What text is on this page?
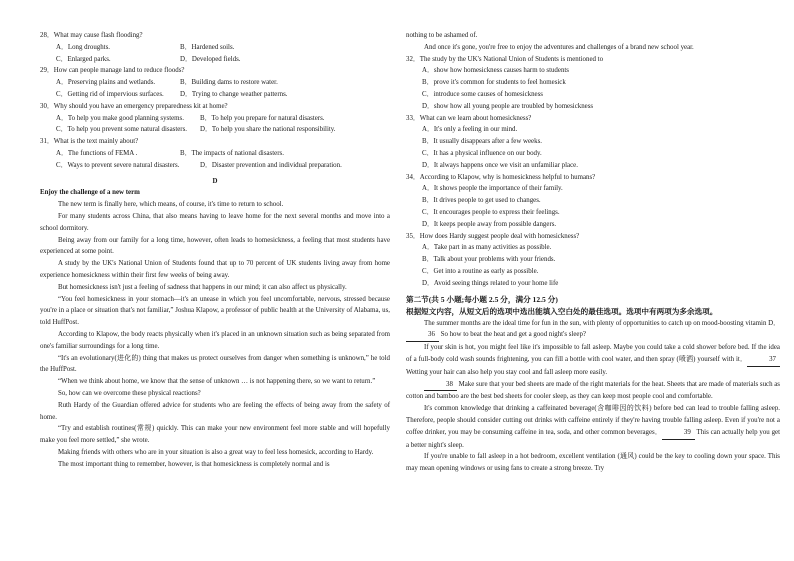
28．What may cause flash flooding?
A．Long droughts.	B．Hardened soils.
C．Enlarged parks.	D．Developed fields.
29．How can people manage land to reduce floods?
A．Preserving plains and wetlands.	B．Building dams to restore water.
C．Getting rid of impervious surfaces.	D．Trying to change weather patterns.
30．Why should you have an emergency preparedness kit at home?
A．To help you make good planning systems.	B．To help you prepare for natural disasters.
C．To help you prevent some natural disasters.	D．To help you share the national responsibility.
31．What is the text mainly about?
A．The functions of FEMA .	B．The impacts of national disasters.
C．Ways to prevent severe natural disasters.	D．Disaster prevention and individual preparation.
D
Enjoy the challenge of a new term
The new term is finally here, which means, of course, it's time to return to school.
For many students across China, that also means having to leave home for the next several months and move into a school dormitory.
Being away from our family for a long time, however, often leads to homesickness, a feeling that most students have experienced at some point.
A study by the UK's National Union of Students found that up to 70 percent of UK students living away from home experience homesickness within their first few weeks of being away.
But homesickness isn't just a feeling of sadness that happens in our mind; it can also affect us physically.
“You feel homesickness in your stomach—it's an unease in which you feel uncomfortable, nervous, stressed because you're in a place or situation that's not familiar,” Joshua Klapow, a professor of public health at the University of Alabama, us, told HuffPost.
According to Klapow, the body reacts physically when it's placed in an unknown situation such as being separated from one's familiar surroundings for a long time.
“It's an evolutionary(进化的) thing that makes us protect ourselves from danger when something is unknown,” he told the HuffPost.
“When we think about home, we know that the sense of unknown … is not happening there, so we want to return.”
So, how can we overcome these physical reactions?
Ruth Hardy of the Guardian offered advice for students who are feeling the effects of being away from the safety of home.
“Try and establish routines(常规) quickly. This can make your new environment feel more stable and will hopefully make you feel more settled,” she wrote.
Making friends with others who are in your situation is also a great way to feel less homesick, according to Hardy.
The most important thing to remember, however, is that homesickness is completely normal and is
nothing to be ashamed of.
And once it's gone, you're free to enjoy the adventures and challenges of a brand new school year.
32．The study by the UK's National Union of Students is mentioned to
A．show how homesickness causes harm to students
B．prove it's common for students to feel homesick
C．introduce some causes of homesickness
D．show how all young people are troubled by homesickness
33．What can we learn about homesickness?
A．It's only a feeling in our mind.
B．It usually disappears after a few weeks.
C．It has a physical influence on our body.
D．It always happens once we visit an unfamiliar place.
34．According to Klapow, why is homesickness helpful to humans?
A．It shows people the importance of their family.
B．It drives people to get used to changes.
C．It encourages people to express their feelings.
D．It keeps people away from possible dangers.
35．How does Hardy suggest people deal with homesickness?
A．Take part in as many activities as possible.
B．Talk about your problems with your friends.
C．Get into a routine as early as possible.
D．Avoid seeing things related to your home life
第二节(共 5 小题;每小题 2.5 分，满分 12.5 分)
根据短文内容，从短文后的选项中选出能填入空白处的最佳选项。选项中有两项为多余选项。
The summer months are the ideal time for fun in the sun, with plenty of opportunities to catch up on mood-boosting vitamin D．36 So how to beat the heat and get a good night's sleep?
If your skin is hot, you might feel like it's impossible to fall asleep. Maybe you could take a cold shower before bed. If the idea of a full-body cold wash sounds frightening, you can fill a bottle with cool water, and then spray (喷洒) yourself with it．	37 Wetting your hair can also help you stay cool and fall asleep more easily.
38 Make sure that your bed sheets are made of the right materials for the heat. Sheets that are made of materials such as cotton and bamboo are the best bed sheets for cooler sleep, as they can keep most people cool and comfortable.
It's common knowledge that drinking a caffeinated beverage(含咖啡因的饮料) before bed can lead to trouble falling asleep. Therefore, people should consider cutting out drinks with caffeine entirely if they're having trouble falling asleep. Even if you're not a coffee drinker, you may be consuming caffeine in tea, soda, and other common beverages．	39 This can actually help you get a better night's sleep.
If you're unable to fall asleep in a hot bedroom, excellent ventilation (通风) could be the key to cooling down your space. This may mean opening windows or using fans to create a strong breeze. Try
